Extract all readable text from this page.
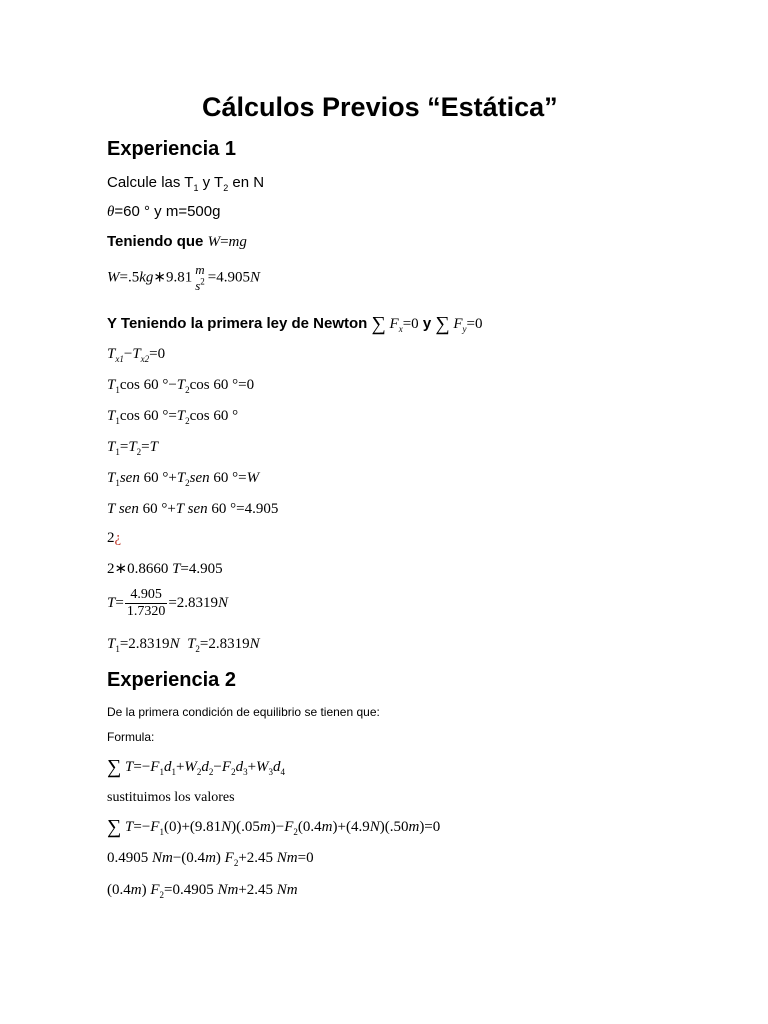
Cálculos Previos “Estática”
Experiencia 1
Calcule las $T_1$ y $T_2$ en N
θ=60 ° y m=500g
Teniendo que W=mg
W=.5kg∗9.81 m
$s^2 =4.905N$
Y Teniendo la primera ley de Newton ∑ $F_x=0$ y ∑ $F_y=0$
$T_{x1}-T_{x2}=0$
$T_1\cos$ 60 $^\circ-T_2\cos$ 60 °=0
$T_1\cos$ 60 $^\circ=T_2\cos$ 60 °
$T_1=T_2=T$
$T_1sen$ 60 $^\circ+T_2sen$ 60 °=W
T sen 60 °+T sen 60 °=4.905
2¿
2∗0.8660 T=4.905
$T= \frac{4.905}{1.7320} =2.8319N$
$T_1=2.8319N$ $T_2=2.8319N$
Experiencia 2
De la primera condición de equilibrio se tienen que:
Formula:
∑ $T=-F_1d_1+W_2d_2-F_2d_3+W_3d_4$
sustituimos los valores
∑ $T=-F_1(0)+(9.81N)(.05m)-F_2(0.4m)+(4.9N)(.50m)=0$
0.4905 Nm−(0.4m) $F_2+2.45$ Nm=0
(0.4m) $F_2=0.4905$ Nm+2.45 Nm
